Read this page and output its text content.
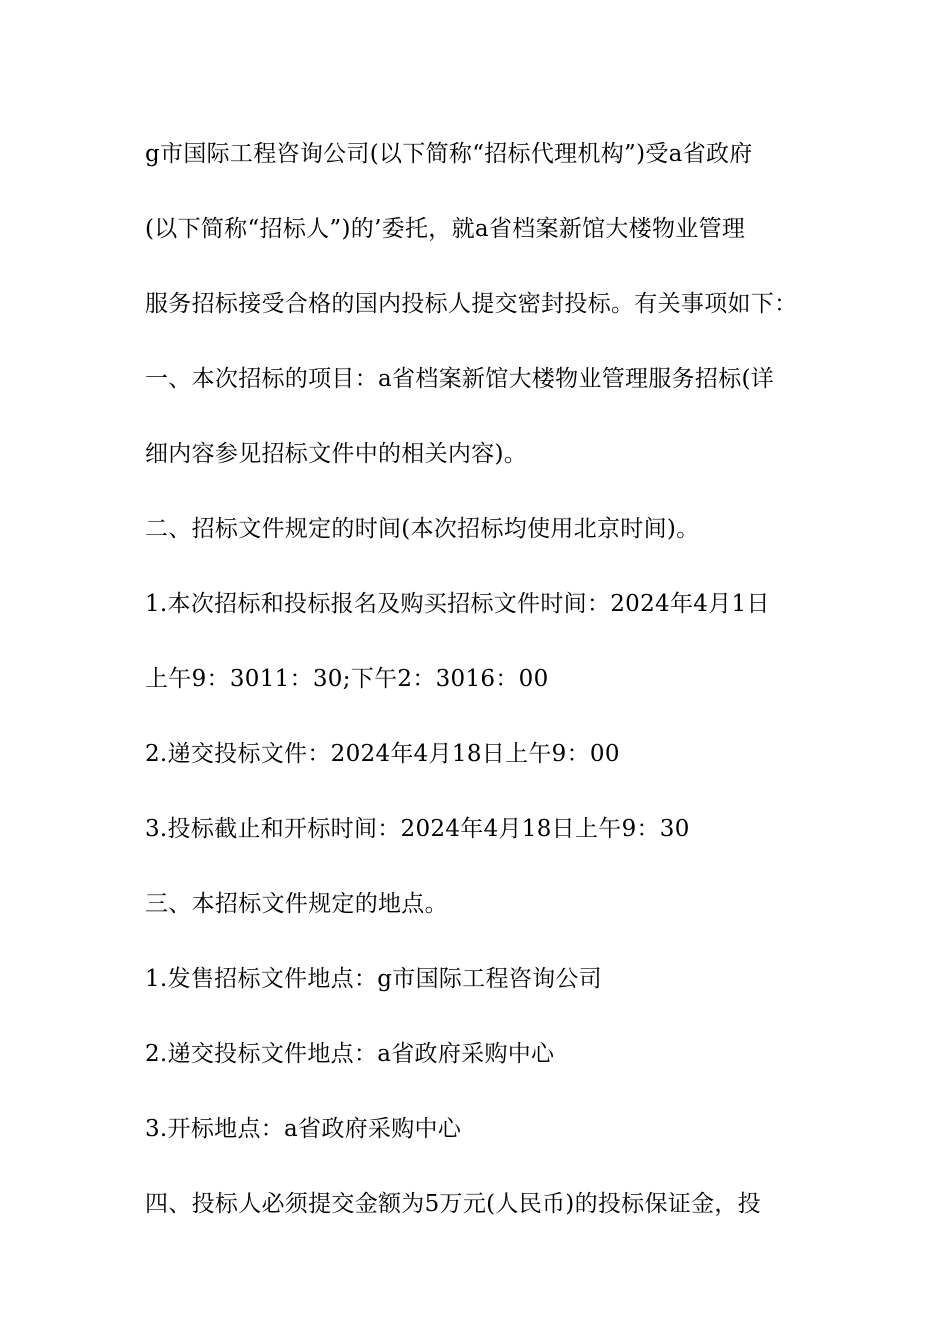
g市国际工程咨询公司(以下简称“招标代理机构”)受a省政府
(以下简称“招标人”)的’委托，就a省档案新馆大楼物业管理
服务招标接受合格的国内投标人提交密封投标。有关事项如下：
一、本次招标的项目：a省档案新馆大楼物业管理服务招标(详
细内容参见招标文件中的相关内容)。
二、招标文件规定的时间(本次招标均使用北京时间)。
1.本次招标和投标报名及购买招标文件时间：2024年4月1日
上午9：3011：30;下午2：3016：00
2.递交投标文件：2024年4月18日上午9：00
3.投标截止和开标时间：2024年4月18日上午9：30
三、本招标文件规定的地点。
1.发售招标文件地点：g市国际工程咨询公司
2.递交投标文件地点：a省政府采购中心
3.开标地点：a省政府采购中心
四、投标人必须提交金额为5万元(人民币)的投标保证金，投
